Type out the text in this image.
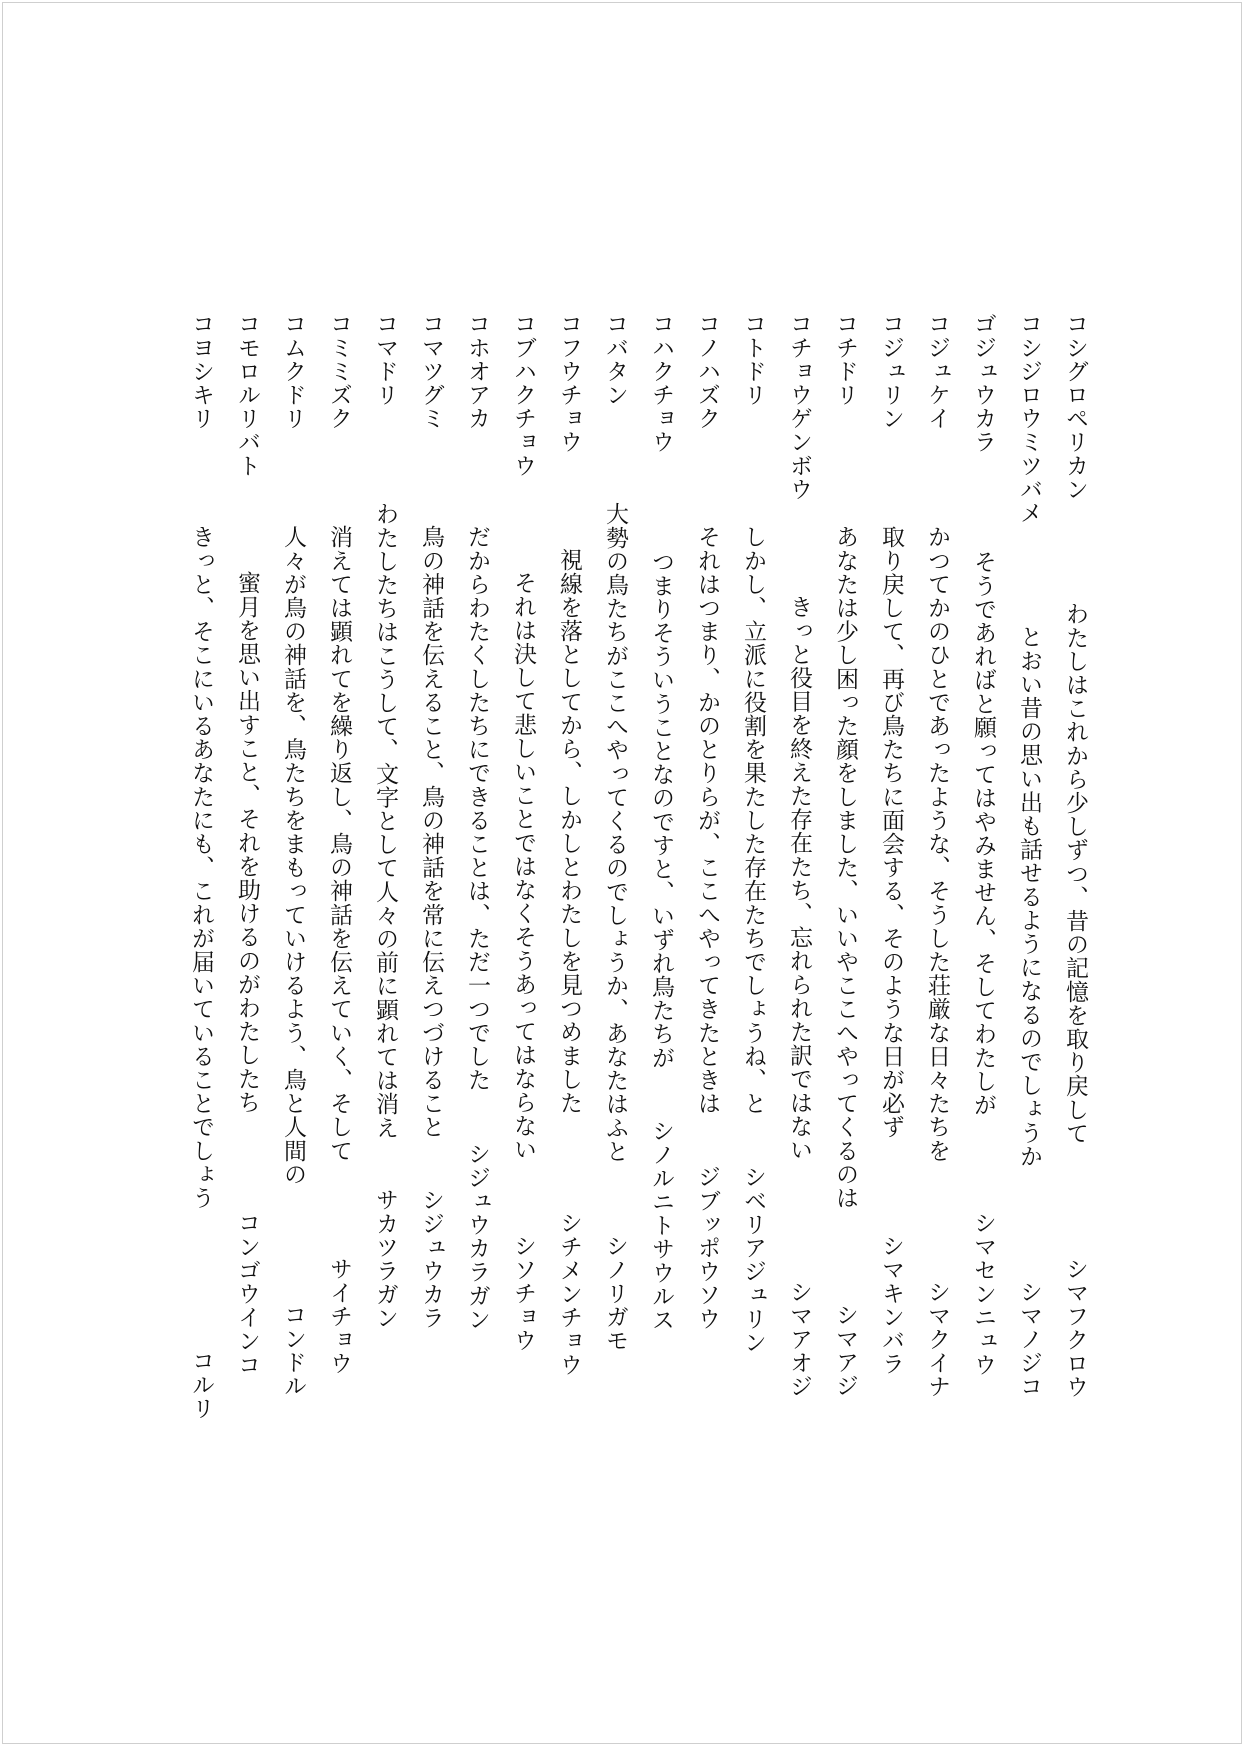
コシグロペリカン
わたしはこれから少しずつ、昔の記憶を取り戻して
シマフクロウ
コシジロウミツバメ
とおい昔の思い出も話せるようになるのでしょうか
シマノジコ
ゴジュウカラ
そうであればと願ってはやみません、そしてわたしが
シマセンニュウ
コジュケイ
かつてかのひとであったような、そうした荘厳な日々たちを
シマクイナ
コジュリン
取り戻して、再び鳥たちに面会する、そのような日が必ず
シマキンバラ
コチドリ
あなたは少し困った顔をしました、いいやここへやってくるのは
シマアジ
コチョウゲンボウ
きっと役目を終えた存在たち、忘れられた訳ではない
シマアオジ
コトドリ
しかし、立派に役割を果たした存在たちでしょうね、と
シベリアジュリン
コノハズク
それはつまり、かのとりらが、ここへやってきたときは
ジブッポウソウ
コハクチョウ
つまりそういうことなのですと、いずれ鳥たちが
シノルニトサウルス
コバタン
大勢の鳥たちがここへやってくるのでしょうか、あなたはふと
シノリガモ
コフウチョウ
視線を落としてから、しかしとわたしを見つめました
シチメンチョウ
コブハクチョウ
それは決して悲しいことではなくそうあってはならない
シソチョウ
コホオアカ
だからわたくしたちにできることは、ただ一つでした
シジュウカラガン
コマツグミ
鳥の神話を伝えること、鳥の神話を常に伝えつづけること
シジュウカラ
コマドリ
わたしたちはこうして、文字として人々の前に顕れては消え
サカツラガン
コミミズク
消えては顕れてを繰り返し、鳥の神話を伝えていく、そして
サイチョウ
コムクドリ
人々が鳥の神話を、鳥たちをまもっていけるよう、鳥と人間の
コンドル
コモロルリバト
蜜月を思い出すこと、それを助けるのがわたしたち
コンゴウインコ
コヨシキリ
きっと、そこにいるあなたにも、これが届いていることでしょう
コルリ
